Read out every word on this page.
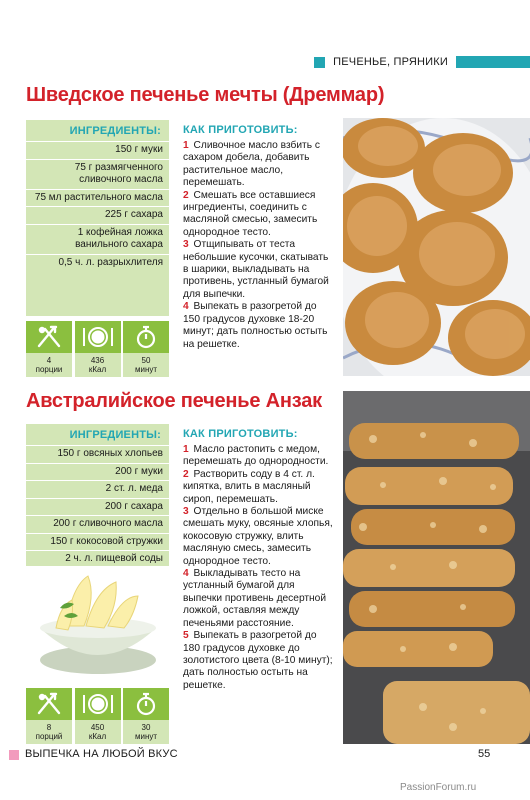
ПЕЧЕНЬЕ, ПРЯНИКИ
Шведское печенье мечты (Дреммар)
ИНГРЕДИЕНТЫ:
150 г муки
75 г размягченного сливочного масла
75 мл растительного масла
225 г сахара
1 кофейная ложка ванильного сахара
0,5 ч. л. разрыхлителя
4
порции
436
кКал
50
минут
КАК ПРИГОТОВИТЬ:
1 Сливочное масло взбить с сахаром добела, добавить растительное масло, перемешать.
2 Смешать все оставшиеся ингредиенты, соединить с масляной смесью, замесить однородное тесто.
3 Отщипывать от теста небольшие кусочки, скатывать в шарики, выкладывать на противень, устланный бумагой для выпечки.
4 Выпекать в разогретой до 150 градусов духовке 18-20 минут; дать полностью остыть на решетке.
Австралийское печенье Анзак
ИНГРЕДИЕНТЫ:
150 г овсяных хлопьев
200 г муки
2 ст. л. меда
200 г сахара
200 г сливочного масла
150 г кокосовой стружки
2 ч. л. пищевой соды
8
порций
450
кКал
30
минут
КАК ПРИГОТОВИТЬ:
1 Масло растопить с медом, перемешать до однородности.
2 Растворить соду в 4 ст. л. кипятка, влить в масляный сироп, перемешать.
3 Отдельно в большой миске смешать муку, овсяные хлопья, кокосовую стружку, влить масляную смесь, замесить однородное тесто.
4 Выкладывать тесто на устланный бумагой для выпечки противень десертной ложкой, оставляя между печеньями расстояние.
5 Выпекать в разогретой до 180 градусов духовке до золотистого цвета (8-10 минут); дать полностью остыть на решетке.
ВЫПЕЧКА НА ЛЮБОЙ ВКУС	55
PassionForum.ru
